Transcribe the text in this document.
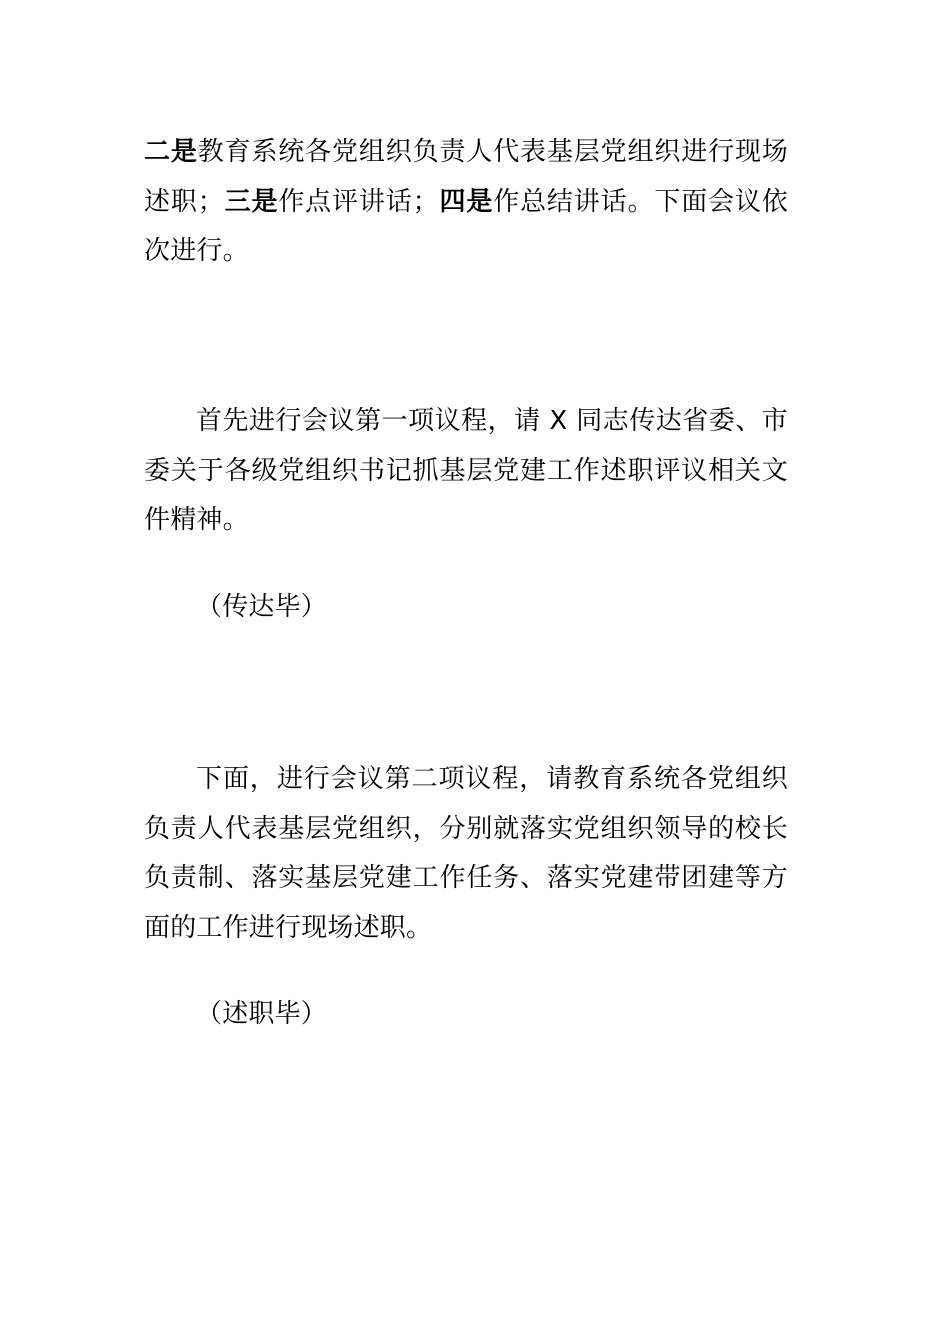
二是教育系统各党组织负责人代表基层党组织进行现场述职；三是作点评讲话；四是作总结讲话。下面会议依次进行。

首先进行会议第一项议程，请 X 同志传达省委、市委关于各级党组织书记抓基层党建工作述职评议相关文件精神。

（传达毕）

下面，进行会议第二项议程，请教育系统各党组织负责人代表基层党组织，分别就落实党组织领导的校长负责制、落实基层党建工作任务、落实党建带团建等方面的工作进行现场述职。

（述职毕）
